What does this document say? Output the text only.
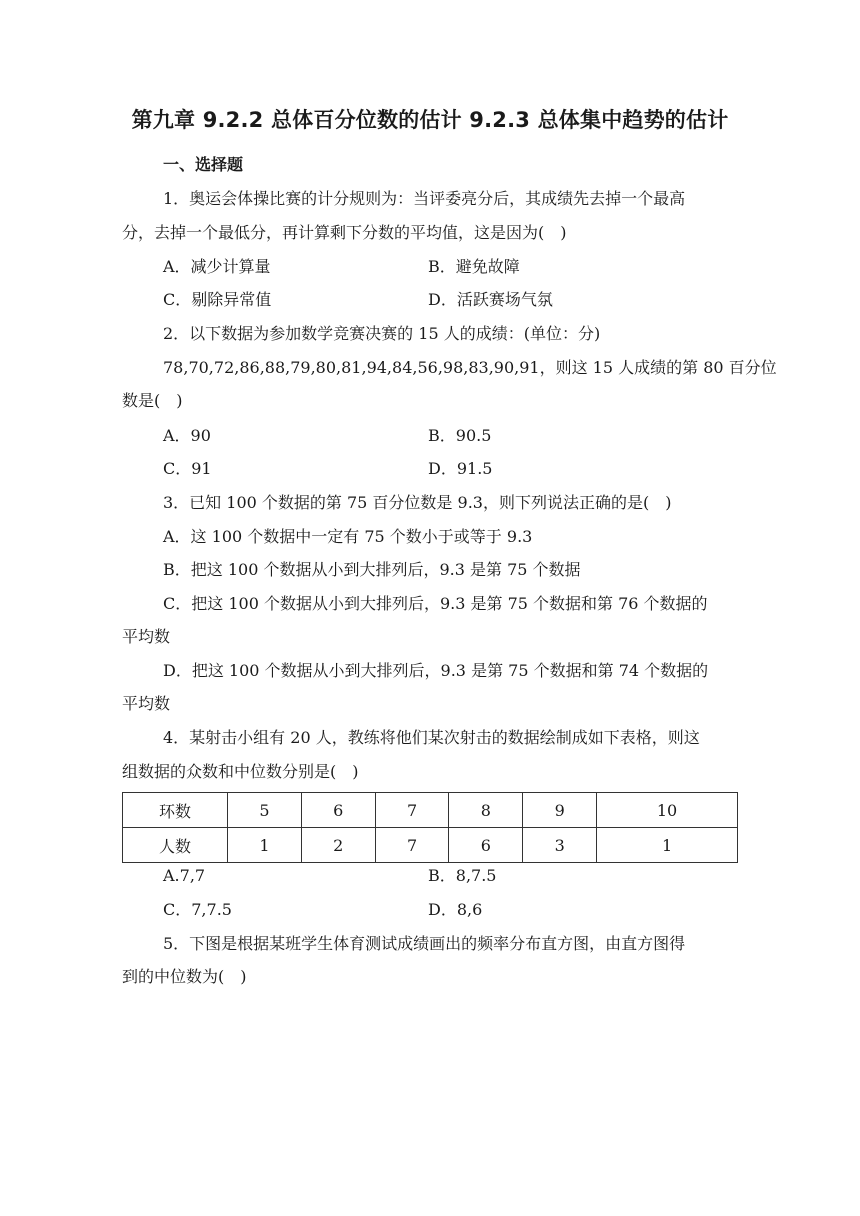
第九章 9.2.2 总体百分位数的估计 9.2.3 总体集中趋势的估计
一、选择题
1．奥运会体操比赛的计分规则为：当评委亮分后，其成绩先去掉一个最高
分，去掉一个最低分，再计算剩下分数的平均值，这是因为(　)
A．减少计算量	B．避免故障
C．剔除异常值	D．活跃赛场气氛
2．以下数据为参加数学竞赛决赛的 15 人的成绩：(单位：分)
78,70,72,86,88,79,80,81,94,84,56,98,83,90,91，则这 15 人成绩的第 80 百分位
数是(　)
A．90	B．90.5
C．91	D．91.5
3．已知 100 个数据的第 75 百分位数是 9.3，则下列说法正确的是(　)
A．这 100 个数据中一定有 75 个数小于或等于 9.3
B．把这 100 个数据从小到大排列后，9.3 是第 75 个数据
C．把这 100 个数据从小到大排列后，9.3 是第 75 个数据和第 76 个数据的
平均数
D．把这 100 个数据从小到大排列后，9.3 是第 75 个数据和第 74 个数据的
平均数
4．某射击小组有 20 人，教练将他们某次射击的数据绘制成如下表格，则这
组数据的众数和中位数分别是(　)
环数	5	6	7	8	9	10
人数	1	2	7	6	3	1
A.7,7	B．8,7.5
C．7,7.5	D．8,6
5．下图是根据某班学生体育测试成绩画出的频率分布直方图，由直方图得
到的中位数为(　)
